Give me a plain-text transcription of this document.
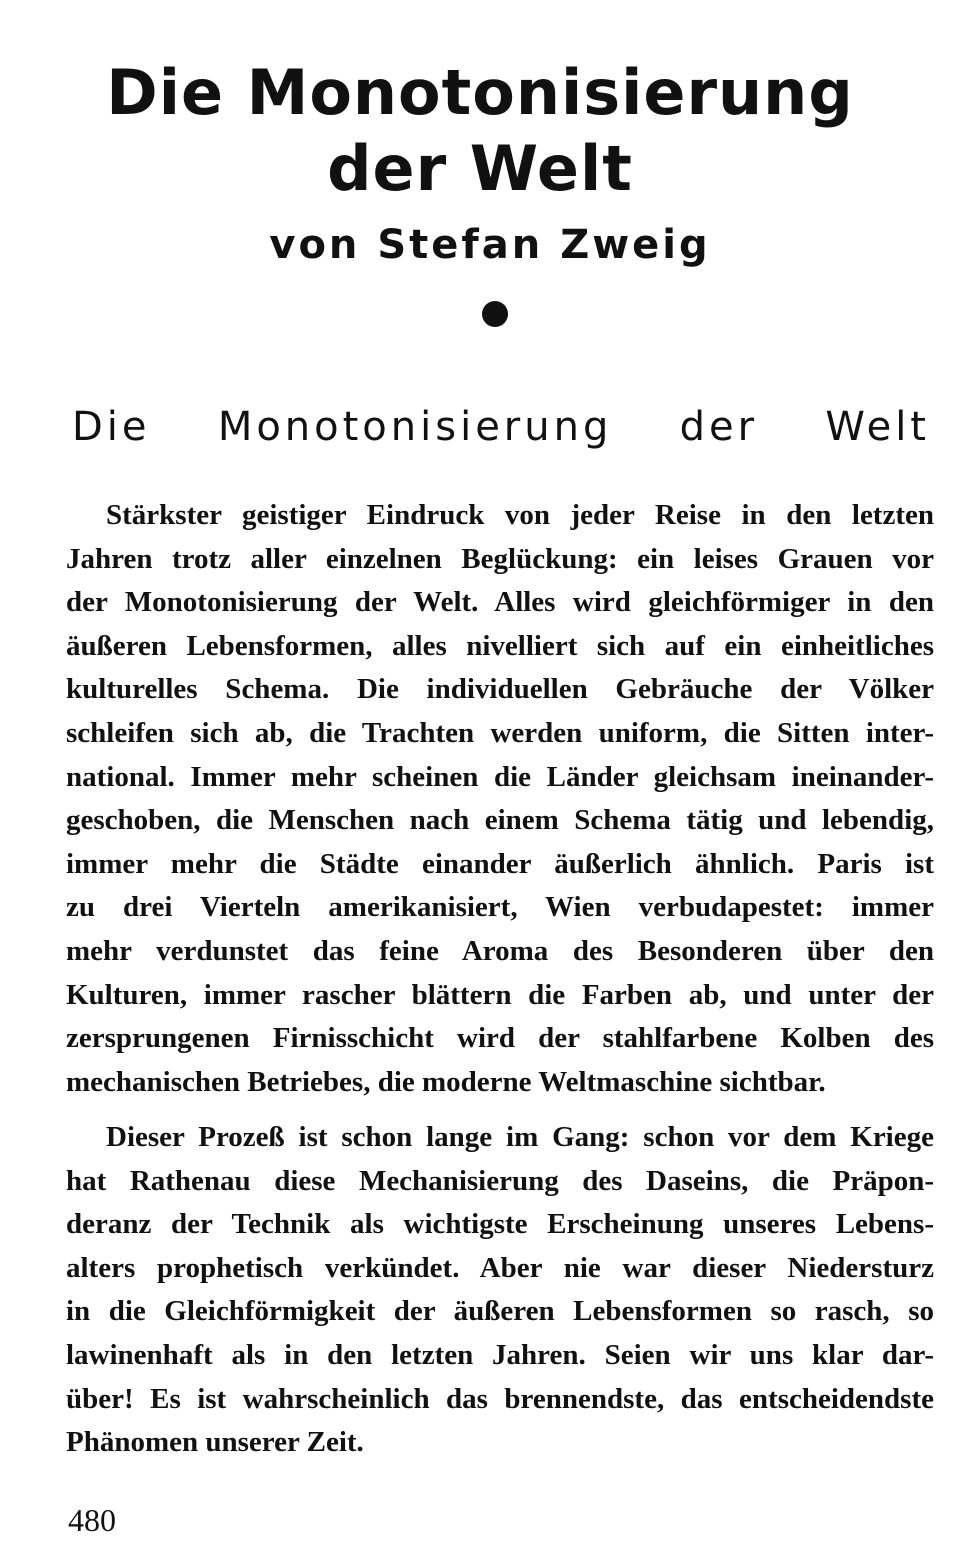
Die Monotonisierung
der Welt
von Stefan Zweig
Die Monotonisierung der Welt
Stärkster geistiger Eindruck von jeder Reise in den letzten
Jahren trotz aller einzelnen Beglückung: ein leises Grauen vor
der Monotonisierung der Welt. Alles wird gleichförmiger in den
äußeren Lebensformen, alles nivelliert sich auf ein einheitliches
kulturelles Schema. Die individuellen Gebräuche der Völker
schleifen sich ab, die Trachten werden uniform, die Sitten inter-
national. Immer mehr scheinen die Länder gleichsam ineinander-
geschoben, die Menschen nach einem Schema tätig und lebendig,
immer mehr die Städte einander äußerlich ähnlich. Paris ist
zu drei Vierteln amerikanisiert, Wien verbudapestet: immer
mehr verdunstet das feine Aroma des Besonderen über den
Kulturen, immer rascher blättern die Farben ab, und unter der
zersprungenen Firnisschicht wird der stahlfarbene Kolben des
mechanischen Betriebes, die moderne Weltmaschine sichtbar.
Dieser Prozeß ist schon lange im Gang: schon vor dem Kriege
hat Rathenau diese Mechanisierung des Daseins, die Präpon-
deranz der Technik als wichtigste Erscheinung unseres Lebens-
alters prophetisch verkündet. Aber nie war dieser Niedersturz
in die Gleichförmigkeit der äußeren Lebensformen so rasch, so
lawinenhaft als in den letzten Jahren. Seien wir uns klar dar-
über! Es ist wahrscheinlich das brennendste, das entscheidendste
Phänomen unserer Zeit.
480
